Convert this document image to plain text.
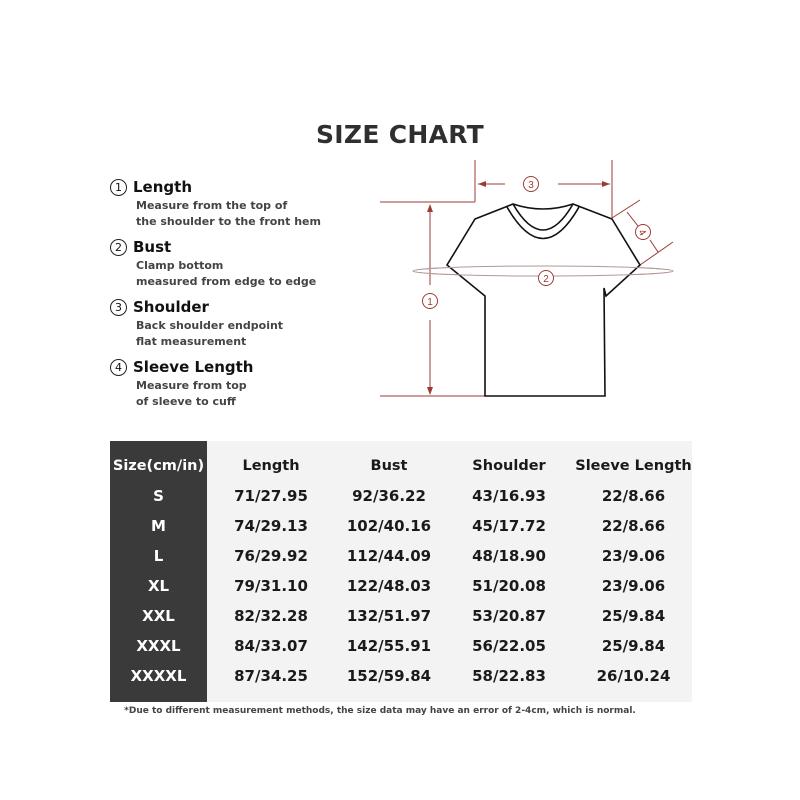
SIZE CHART
1 Length
Measure from the top of
the shoulder to the front hem
2 Bust
Clamp bottom
measured from edge to edge
3 Shoulder
Back shoulder endpoint
flat measurement
4 Sleeve Length
Measure from top
of sleeve to cuff
3
2
1
4
Size(cm/in)	Length	Bust	Shoulder	Sleeve Length
S	71/27.95	92/36.22	43/16.93	22/8.66
M	74/29.13	102/40.16	45/17.72	22/8.66
L	76/29.92	112/44.09	48/18.90	23/9.06
XL	79/31.10	122/48.03	51/20.08	23/9.06
XXL	82/32.28	132/51.97	53/20.87	25/9.84
XXXL	84/33.07	142/55.91	56/22.05	25/9.84
XXXXL	87/34.25	152/59.84	58/22.83	26/10.24
*Due to different measurement methods, the size data may have an error of 2-4cm, which is normal.
